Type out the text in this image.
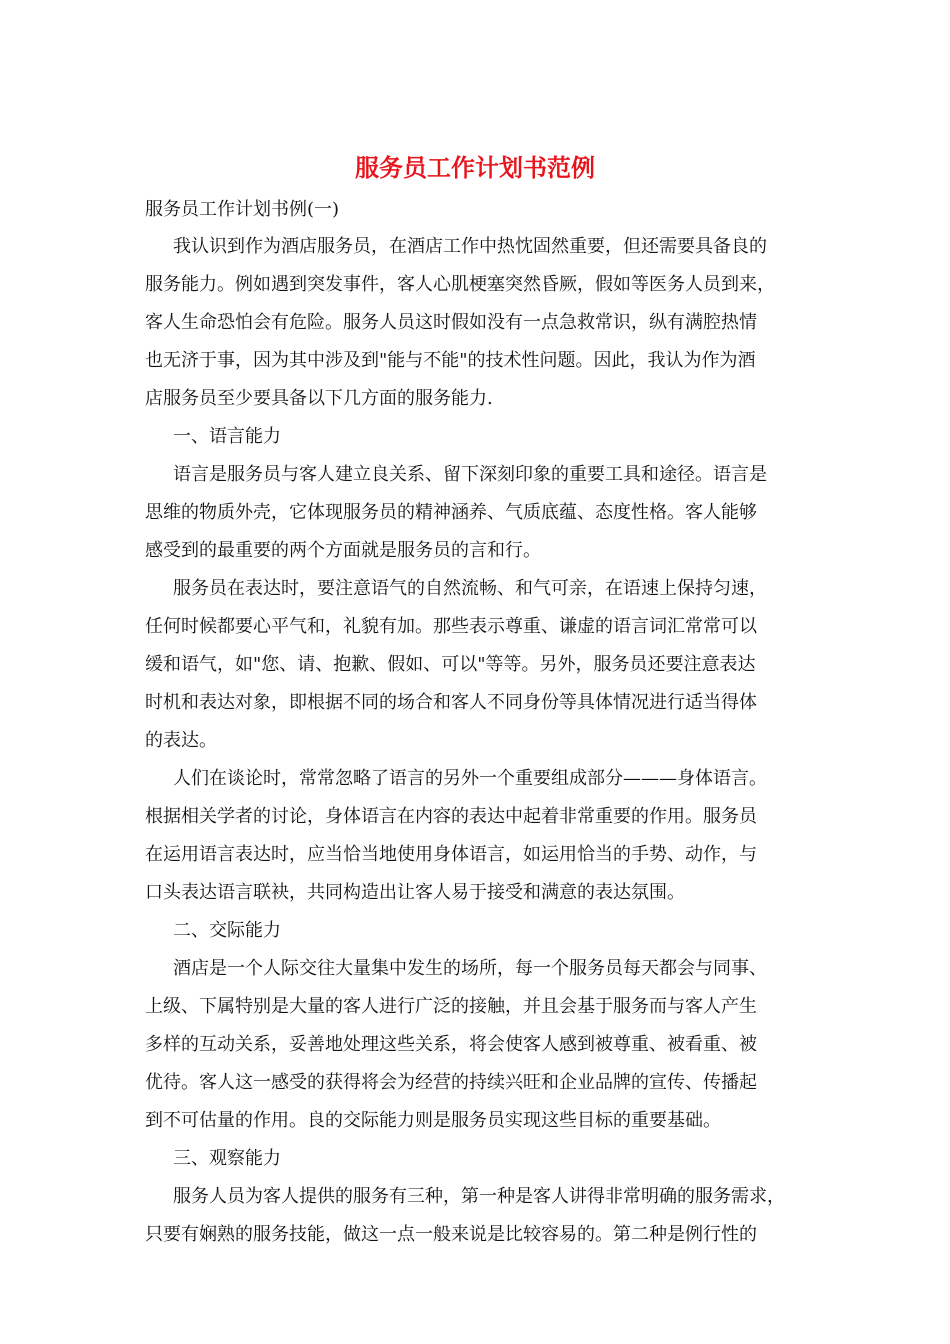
服务员工作计划书范例
服务员工作计划书例(一)
我认识到作为酒店服务员，在酒店工作中热忱固然重要，但还需要具备良的
服务能力。例如遇到突发事件，客人心肌梗塞突然昏厥，假如等医务人员到来，
客人生命恐怕会有危险。服务人员这时假如没有一点急救常识，纵有满腔热情
也无济于事，因为其中涉及到"能与不能"的技术性问题。因此，我认为作为酒
店服务员至少要具备以下几方面的服务能力.
一、语言能力
语言是服务员与客人建立良关系、留下深刻印象的重要工具和途径。语言是
思维的物质外壳，它体现服务员的精神涵养、气质底蕴、态度性格。客人能够
感受到的最重要的两个方面就是服务员的言和行。
服务员在表达时，要注意语气的自然流畅、和气可亲，在语速上保持匀速，
任何时候都要心平气和，礼貌有加。那些表示尊重、谦虚的语言词汇常常可以
缓和语气，如"您、请、抱歉、假如、可以"等等。另外，服务员还要注意表达
时机和表达对象，即根据不同的场合和客人不同身份等具体情况进行适当得体
的表达。
人们在谈论时，常常忽略了语言的另外一个重要组成部分———身体语言。
根据相关学者的讨论，身体语言在内容的表达中起着非常重要的作用。服务员
在运用语言表达时，应当恰当地使用身体语言，如运用恰当的手势、动作，与
口头表达语言联袂，共同构造出让客人易于接受和满意的表达氛围。
二、交际能力
酒店是一个人际交往大量集中发生的场所，每一个服务员每天都会与同事、
上级、下属特别是大量的客人进行广泛的接触，并且会基于服务而与客人产生
多样的互动关系，妥善地处理这些关系，将会使客人感到被尊重、被看重、被
优待。客人这一感受的获得将会为经营的持续兴旺和企业品牌的宣传、传播起
到不可估量的作用。良的交际能力则是服务员实现这些目标的重要基础。
三、观察能力
服务人员为客人提供的服务有三种，第一种是客人讲得非常明确的服务需求，
只要有娴熟的服务技能，做这一点一般来说是比较容易的。第二种是例行性的
